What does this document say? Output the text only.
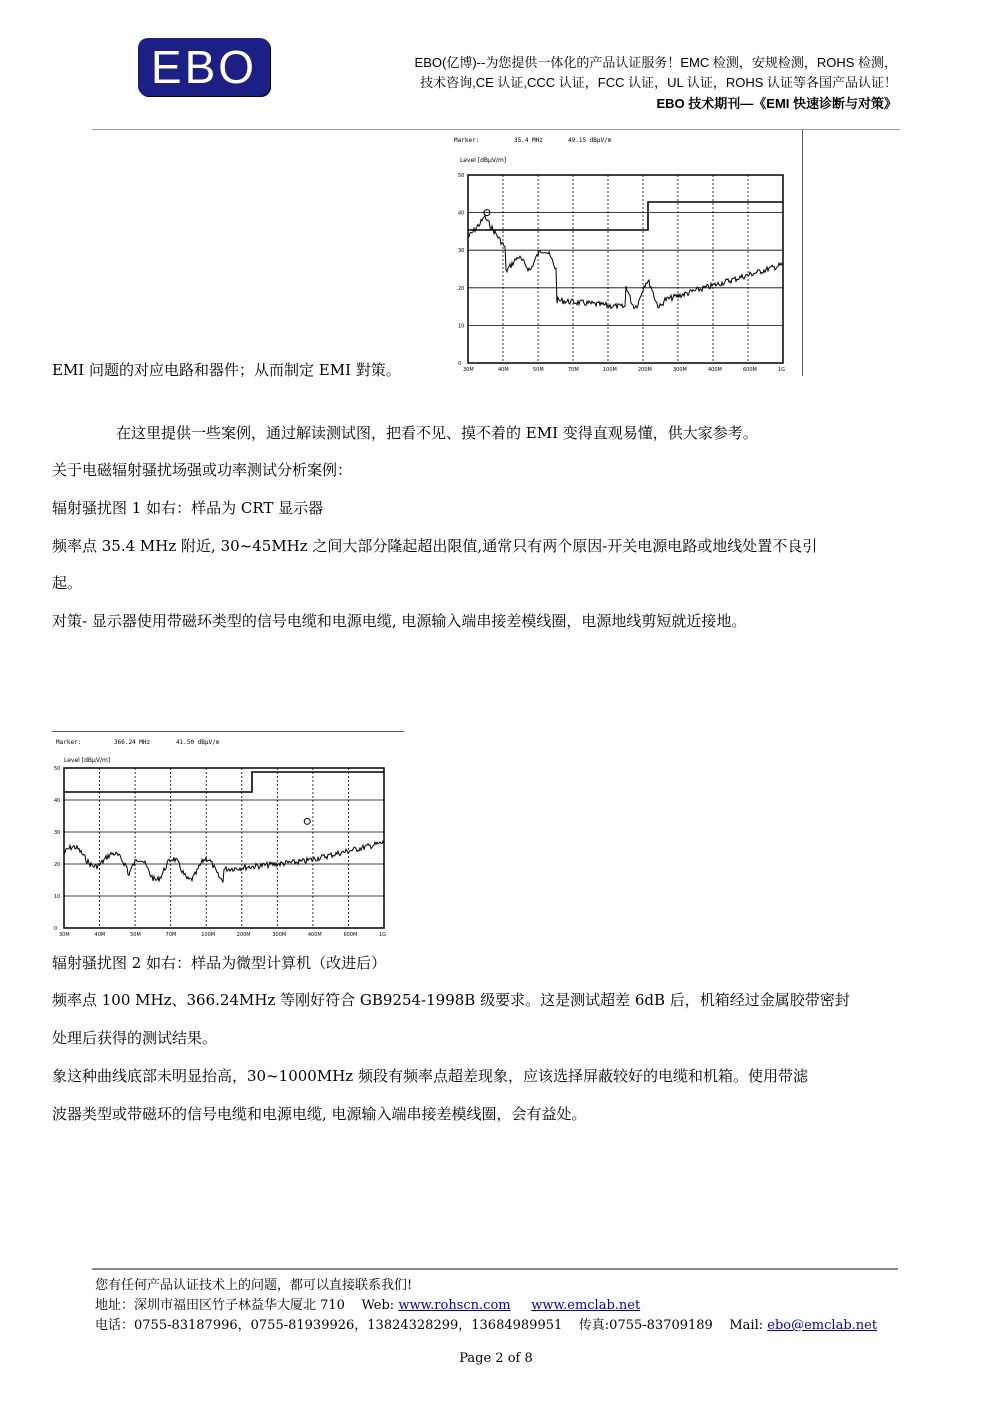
EBO	EBO(亿博)--为您提供一体化的产品认证服务！EMC 检测，安规检测，ROHS 检测，
技术咨询,CE 认证,CCC 认证，FCC 认证，UL 认证，ROHS 认证等各国产品认证！
EBO 技术期刊—《EMI 快速诊断与对策》
Marker:	35.4 MHz	49.15 dBµV/m
Level [dBµV/m]
30M	40M	50M	70M	100M	200M	300M	400M	600M	1G
50
40
30
20
10
0
EMI 问题的对应电路和器件；从而制定 EMI 對策。
在这里提供一些案例，通过解读测试图，把看不见、摸不着的 EMI 变得直观易懂，供大家参考。
关于电磁辐射骚扰场强或功率测试分析案例：
辐射骚扰图 1 如右：样品为 CRT 显示器
频率点 35.4 MHz 附近, 30~45MHz 之间大部分隆起超出限值,通常只有两个原因-开关电源电路或地线处置不良引
起。
对策- 显示器使用带磁环类型的信号电缆和电源电缆, 电源输入端串接差模线圈，电源地线剪短就近接地。
Marker:	366.24 MHz	41.50 dBµV/m
Level [dBµV/m]
30M	40M	50M	70M	100M	200M	300M	400M	600M	1G
50
40
30
20
10
0
辐射骚扰图 2 如右：样品为微型计算机（改进后）
频率点 100 MHz、366.24MHz 等刚好符合 GB9254-1998B 级要求。这是测试超差 6dB 后，机箱经过金属胶带密封
处理后获得的测试结果。
象这种曲线底部未明显抬高，30~1000MHz 频段有频率点超差现象，应该选择屏蔽较好的电缆和机箱。使用带滤
波器类型或带磁环的信号电缆和电源电缆, 电源输入端串接差模线圈，会有益处。
您有任何产品认证技术上的问题，都可以直接联系我们!
地址：深圳市福田区竹子林益华大厦北 710 Web: www.rohscn.com www.emclab.net
电话：0755-83187996，0755-81939926，13824328299，13684989951 传真:0755-83709189 Mail: ebo@emclab.net
Page 2 of 8
